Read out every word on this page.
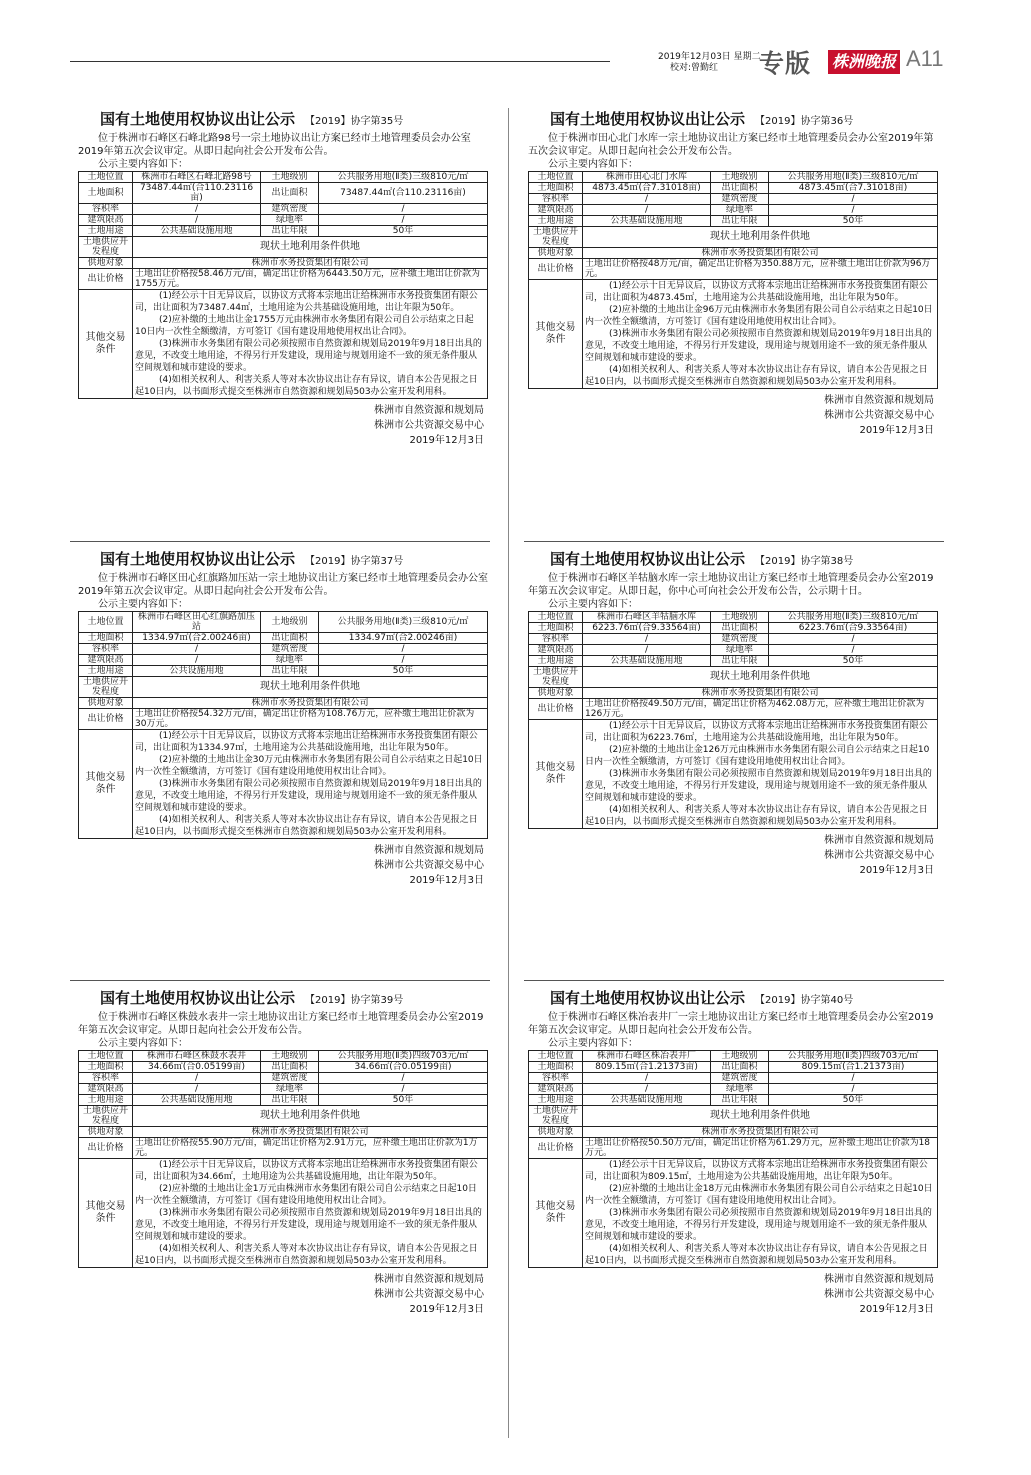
2019年12月03日 星期二
校对:曾勤红 专版 株洲晚报 A11
国有土地使用权协议出让公示 【2019】协字第35号

位于株洲市石峰区石峰北路98号一宗土地协议出让方案已经市土地管理委员会办公室2019年第五次会议审定。从即日起向社会公开发布公告。

公示主要内容如下：
土地位置	株洲市石峰区石峰北路98号	土地级别	公共服务用地(Ⅱ类)三级810元/㎡
土地面积	73487.44㎡(合110.23116亩)	出让面积	73487.44㎡(合110.23116亩)
容积率	/	建筑密度	/
建筑限高	/	绿地率	/
土地用途	公共基础设施用地	出让年限	50年
土地供应开发程度	现状土地利用条件供地		
供地对象	株洲市水务投资集团有限公司		
出让价格	土地出让价格按58.46万元/亩，确定出让价格为6443.50万元，应补缴土地出让价款为1755万元。		
其他交易条件	(1)经公示十日无异议后，以协议方式将本宗地出让给株洲市水务投资集团有限公司，出让面积为73487.44㎡，土地用途为公共基础设施用地，出让年限为50年。

(2)应补缴的土地出让金1755万元由株洲市水务集团有限公司自公示结束之日起10日内一次性全额缴清，方可签订《国有建设用地使用权出让合同》。

(3)株洲市水务集团有限公司必须按照市自然资源和规划局2019年9月18日出具的意见，不改变土地用途，不得另行开发建设，现用途与规划用途不一致的须无条件服从空间规划和城市建设的要求。

(4)如相关权利人、利害关系人等对本次协议出让存有异议，请自本公告见报之日起10日内，以书面形式提交至株洲市自然资源和规划局503办公室开发利用科。		

株洲市自然资源和规划局
株洲市公共资源交易中心
2019年12月3日
国有土地使用权协议出让公示 【2019】协字第36号

位于株洲市田心北门水库一宗土地协议出让方案已经市土地管理委员会办公室2019年第五次会议审定。从即日起向社会公开发布公告。

公示主要内容如下：
土地位置	株洲市田心北门水库	土地级别	公共服务用地(Ⅱ类)三级810元/㎡
土地面积	4873.45㎡(合7.31018亩)	出让面积	4873.45㎡(合7.31018亩)
容积率	/	建筑密度	/
建筑限高	/	绿地率	/
土地用途	公共基础设施用地	出让年限	50年
土地供应开发程度	现状土地利用条件供地		
供地对象	株洲市水务投资集团有限公司		
出让价格	土地出让价格按48万元/亩，确定出让价格为350.88万元，应补缴土地出让价款为96万元。		
其他交易条件	(1)经公示十日无异议后，以协议方式将本宗地出让给株洲市水务投资集团有限公司，出让面积为4873.45㎡，土地用途为公共基础设施用地，出让年限为50年。

(2)应补缴的土地出让金96万元由株洲市水务集团有限公司自公示结束之日起10日内一次性全额缴清，方可签订《国有建设用地使用权出让合同》。

(3)株洲市水务集团有限公司必须按照市自然资源和规划局2019年9月18日出具的意见，不改变土地用途，不得另行开发建设，现用途与规划用途不一致的须无条件服从空间规划和城市建设的要求。

(4)如相关权利人、利害关系人等对本次协议出让存有异议，请自本公告见报之日起10日内，以书面形式提交至株洲市自然资源和规划局503办公室开发利用科。		

株洲市自然资源和规划局
株洲市公共资源交易中心
2019年12月3日
国有土地使用权协议出让公示 【2019】协字第37号

位于株洲市石峰区田心红旗路加压站一宗土地协议出让方案已经市土地管理委员会办公室2019年第五次会议审定。从即日起向社会公开发布公告。

公示主要内容如下：
土地位置	株洲市石峰区田心红旗路加压站	土地级别	公共服务用地(Ⅱ类)三级810元/㎡
土地面积	1334.97㎡(合2.00246亩)	出让面积	1334.97㎡(合2.00246亩)
容积率	/	建筑密度	/
建筑限高	/	绿地率	/
土地用途	公共设施用地	出让年限	50年
土地供应开发程度	现状土地利用条件供地		
供地对象	株洲市水务投资集团有限公司		
出让价格	土地出让价格按54.32万元/亩，确定出让价格为108.76万元，应补缴土地出让价款为30万元。		
其他交易条件	(1)经公示十日无异议后，以协议方式将本宗地出让给株洲市水务投资集团有限公司，出让面积为1334.97㎡，土地用途为公共基础设施用地，出让年限为50年。

(2)应补缴的土地出让金30万元由株洲市水务集团有限公司自公示结束之日起10日内一次性全额缴清，方可签订《国有建设用地使用权出让合同》。

(3)株洲市水务集团有限公司必须按照市自然资源和规划局2019年9月18日出具的意见，不改变土地用途，不得另行开发建设，现用途与规划用途不一致的须无条件服从空间规划和城市建设的要求。

(4)如相关权利人、利害关系人等对本次协议出让存有异议，请自本公告见报之日起10日内，以书面形式提交至株洲市自然资源和规划局503办公室开发利用科。		

株洲市自然资源和规划局
株洲市公共资源交易中心
2019年12月3日
国有土地使用权协议出让公示 【2019】协字第38号

位于株洲市石峰区羊牯脑水库一宗土地协议出让方案已经市土地管理委员会办公室2019年第五次会议审定。从即日起，你中心可向社会公开发布公告，公示期十日。

公示主要内容如下：
土地位置	株洲市石峰区羊牯脑水库	土地级别	公共服务用地(Ⅱ类)三级810元/㎡
土地面积	6223.76㎡(合9.33564亩)	出让面积	6223.76㎡(合9.33564亩)
容积率	/	建筑密度	/
建筑限高	/	绿地率	/
土地用途	公共基础设施用地	出让年限	50年
土地供应开发程度	现状土地利用条件供地		
供地对象	株洲市水务投资集团有限公司		
出让价格	土地出让价格按49.50万元/亩，确定出让价格为462.08万元，应补缴土地出让价款为126万元。		
其他交易条件	(1)经公示十日无异议后，以协议方式将本宗地出让给株洲市水务投资集团有限公司，出让面积为6223.76㎡，土地用途为公共基础设施用地，出让年限为50年。

(2)应补缴的土地出让金126万元由株洲市水务集团有限公司自公示结束之日起10日内一次性全额缴清，方可签订《国有建设用地使用权出让合同》。

(3)株洲市水务集团有限公司必须按照市自然资源和规划局2019年9月18日出具的意见，不改变土地用途，不得另行开发建设，现用途与规划用途不一致的须无条件服从空间规划和城市建设的要求。

(4)如相关权利人、利害关系人等对本次协议出让存有异议，请自本公告见报之日起10日内，以书面形式提交至株洲市自然资源和规划局503办公室开发利用科。		

株洲市自然资源和规划局
株洲市公共资源交易中心
2019年12月3日
国有土地使用权协议出让公示 【2019】协字第39号

位于株洲市石峰区株鼓水表井一宗土地协议出让方案已经市土地管理委员会办公室2019年第五次会议审定。从即日起向社会公开发布公告。

公示主要内容如下：
土地位置	株洲市石峰区株鼓水表井	土地级别	公共服务用地(Ⅱ类)四级703元/㎡
土地面积	34.66㎡(合0.05199亩)	出让面积	34.66㎡(合0.05199亩)
容积率	/	建筑密度	/
建筑限高	/	绿地率	/
土地用途	公共基础设施用地	出让年限	50年
土地供应开发程度	现状土地利用条件供地		
供地对象	株洲市水务投资集团有限公司		
出让价格	土地出让价格按55.90万元/亩，确定出让价格为2.91万元，应补缴土地出让价款为1万元。		
其他交易条件	(1)经公示十日无异议后，以协议方式将本宗地出让给株洲市水务投资集团有限公司，出让面积为34.66㎡，土地用途为公共基础设施用地，出让年限为50年。

(2)应补缴的土地出让金1万元由株洲市水务集团有限公司自公示结束之日起10日内一次性全额缴清，方可签订《国有建设用地使用权出让合同》。

(3)株洲市水务集团有限公司必须按照市自然资源和规划局2019年9月18日出具的意见，不改变土地用途，不得另行开发建设，现用途与规划用途不一致的须无条件服从空间规划和城市建设的要求。

(4)如相关权利人、利害关系人等对本次协议出让存有异议，请自本公告见报之日起10日内，以书面形式提交至株洲市自然资源和规划局503办公室开发利用科。		

株洲市自然资源和规划局
株洲市公共资源交易中心
2019年12月3日
国有土地使用权协议出让公示 【2019】协字第40号

位于株洲市石峰区株冶表井厂一宗土地协议出让方案已经市土地管理委员会办公室2019年第五次会议审定。从即日起向社会公开发布公告。

公示主要内容如下：
土地位置	株洲市石峰区株冶表井厂	土地级别	公共服务用地(Ⅱ类)四级703元/㎡
土地面积	809.15㎡(合1.21373亩)	出让面积	809.15㎡(合1.21373亩)
容积率	/	建筑密度	/
建筑限高	/	绿地率	/
土地用途	公共基础设施用地	出让年限	50年
土地供应开发程度	现状土地利用条件供地		
供地对象	株洲市水务投资集团有限公司		
出让价格	土地出让价格按50.50万元/亩，确定出让价格为61.29万元，应补缴土地出让价款为18万元。		
其他交易条件	(1)经公示十日无异议后，以协议方式将本宗地出让给株洲市水务投资集团有限公司，出让面积为809.15㎡，土地用途为公共基础设施用地，出让年限为50年。

(2)应补缴的土地出让金18万元由株洲市水务集团有限公司自公示结束之日起10日内一次性全额缴清，方可签订《国有建设用地使用权出让合同》。

(3)株洲市水务集团有限公司必须按照市自然资源和规划局2019年9月18日出具的意见，不改变土地用途，不得另行开发建设，现用途与规划用途不一致的须无条件服从空间规划和城市建设的要求。

(4)如相关权利人、利害关系人等对本次协议出让存有异议，请自本公告见报之日起10日内，以书面形式提交至株洲市自然资源和规划局503办公室开发利用科。		

株洲市自然资源和规划局
株洲市公共资源交易中心
2019年12月3日
